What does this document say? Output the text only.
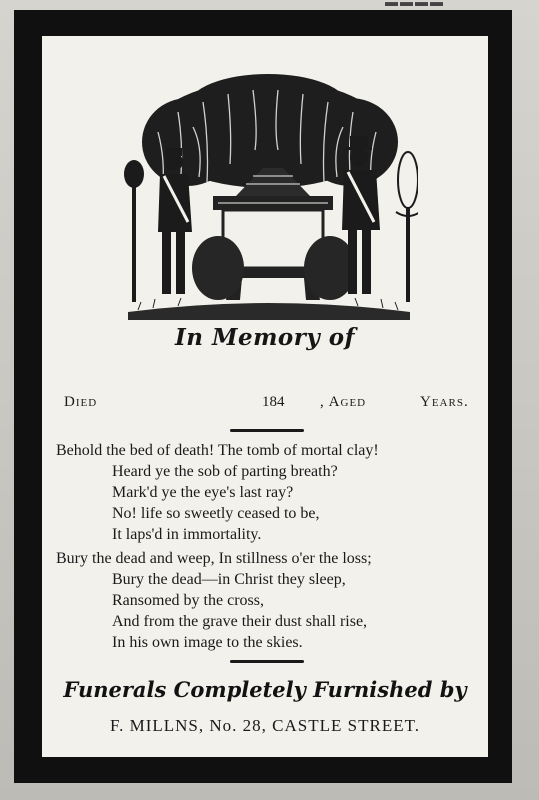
▬▬▬▬
In Memory of
Died	184 , Aged	Years.
Behold the bed of death! The tomb of mortal clay!
Heard ye the sob of parting breath?
Mark'd ye the eye's last ray?
No! life so sweetly ceased to be,
It laps'd in immortality.
Bury the dead and weep, In stillness o'er the loss;
Bury the dead—in Christ they sleep,
Ransomed by the cross,
And from the grave their dust shall rise,
In his own image to the skies.
Funerals Completely Furnished by
F. MILLNS, No. 28, CASTLE STREET.
